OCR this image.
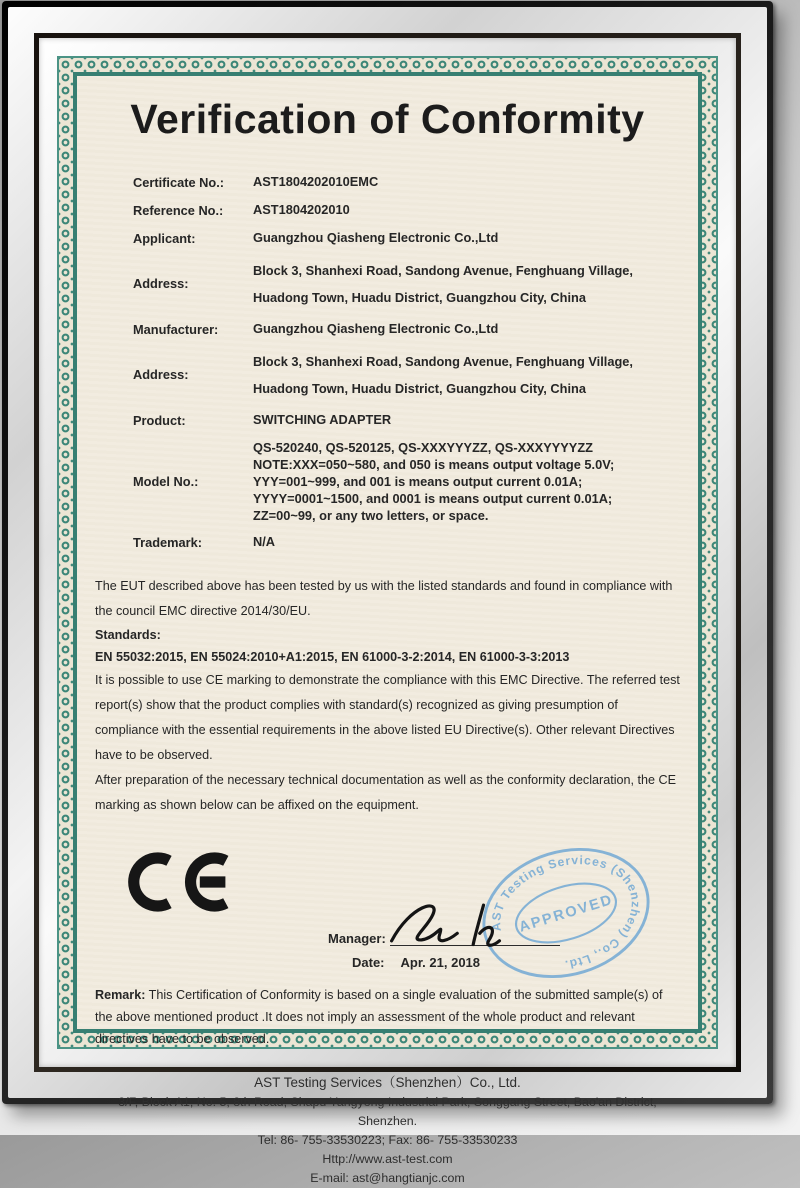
Verification of Conformity
Certificate No.:	AST1804202010EMC
Reference No.:	AST1804202010
Applicant:	Guangzhou Qiasheng Electronic Co.,Ltd
Address:
Block 3, Shanhexi Road, Sandong Avenue, Fenghuang Village,
Huadong Town, Huadu District, Guangzhou City, China
Manufacturer:	Guangzhou Qiasheng Electronic Co.,Ltd
Address:
Block 3, Shanhexi Road, Sandong Avenue, Fenghuang Village,
Huadong Town, Huadu District, Guangzhou City, China
Product:	SWITCHING ADAPTER
Model No.:
QS-520240, QS-520125, QS-XXXYYYZZ, QS-XXXYYYYZZ
NOTE:XXX=050~580, and 050 is means output voltage 5.0V;
YYY=001~999, and 001 is means output current 0.01A;
YYYY=0001~1500, and 0001 is means output current 0.01A;
ZZ=00~99, or any two letters, or space.
Trademark:	N/A

The EUT described above has been tested by us with the listed standards and found in compliance with the council EMC directive 2014/30/EU.

Standards:
EN 55032:2015, EN 55024:2010+A1:2015, EN 61000-3-2:2014, EN 61000-3-3:2013

It is possible to use CE marking to demonstrate the compliance with this EMC Directive. The referred test report(s) show that the product complies with standard(s) recognized as giving presumption of compliance with the essential requirements in the above listed EU Directive(s). Other relevant Directives have to be observed.

After preparation of the necessary technical documentation as well as the conformity declaration, the CE marking as shown below can be affixed on the equipment.

AST Testing Services (Shenzhen) Co., Ltd.
APPROVED
Manager:
Date: Apr. 21, 2018
Remark: This Certification of Conformity is based on a single evaluation of the submitted sample(s) of the above mentioned product .It does not imply an assessment of the whole product and relevant directives have to be observed.
AST Testing Services（Shenzhen）Co., Ltd.
3/F, Block A1, No. 5, 8th Road, Shapu Yangyong Industrial Park, Songgang Street, Bao'an District, Shenzhen.
Tel: 86- 755-33530223; Fax: 86- 755-33530233
Http://www.ast-test.com
E-mail: ast@hangtianjc.com
